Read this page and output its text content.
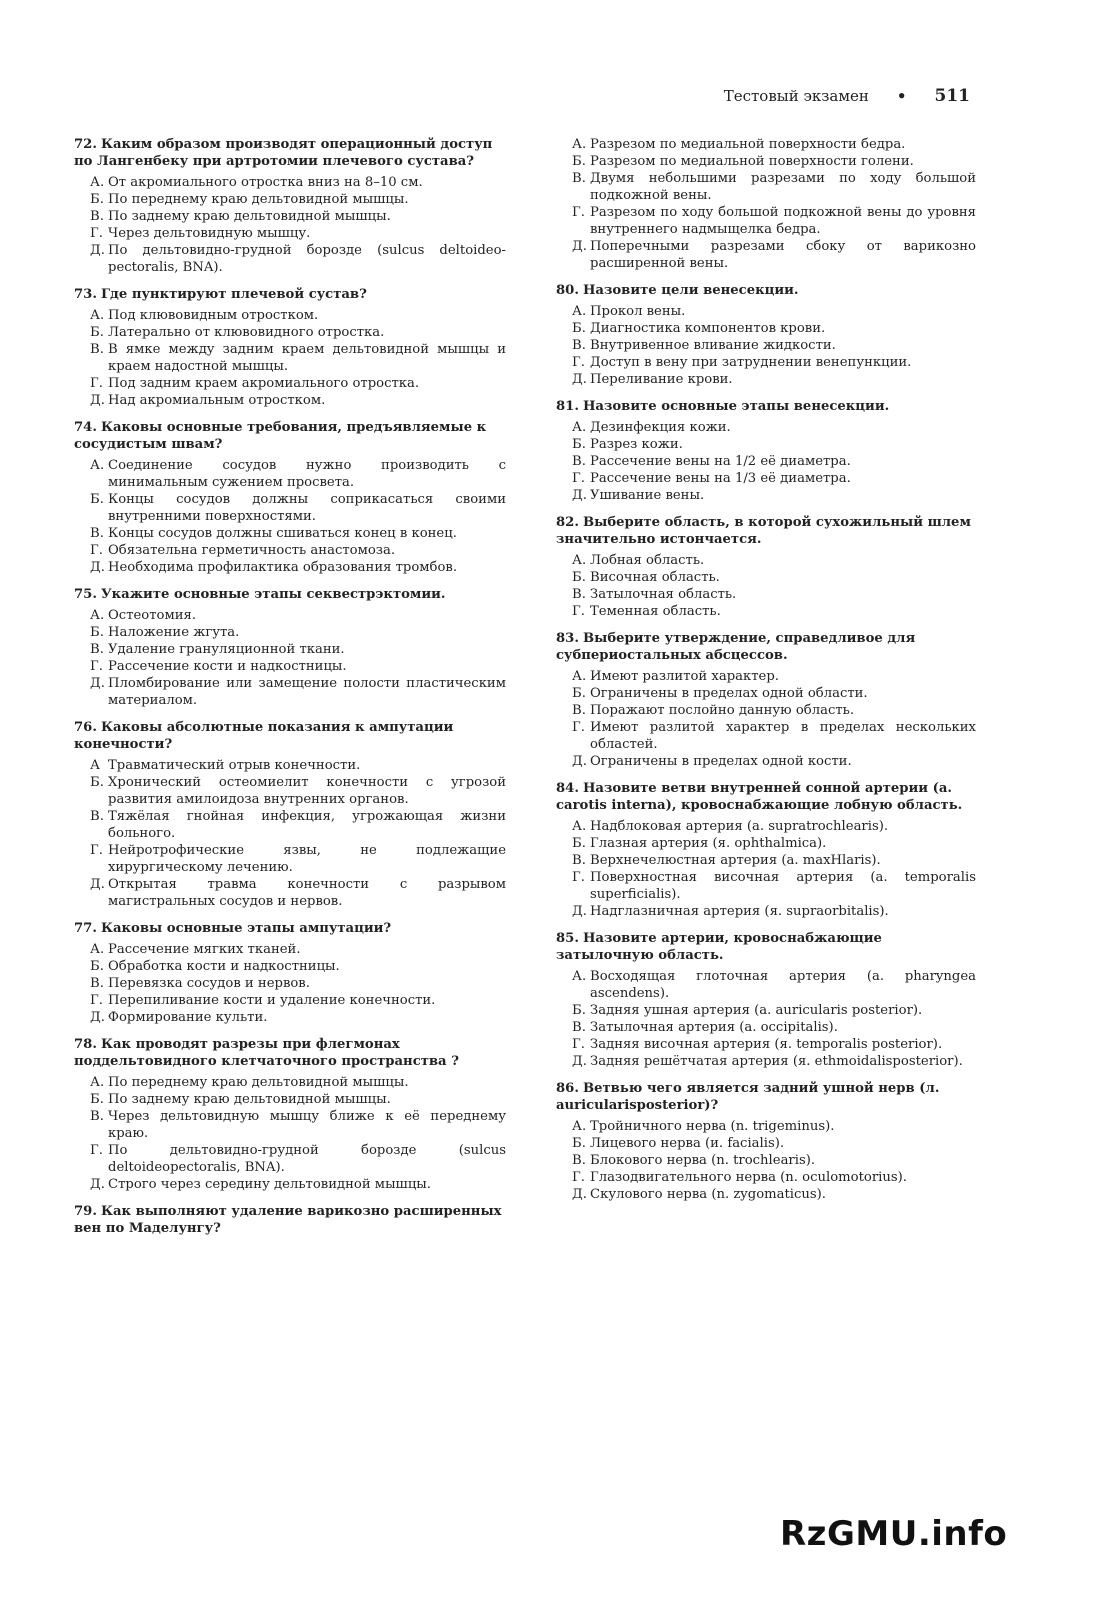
Тестовый экзамен • 511
72. Каким образом производят операционный доступ по Лангенбеку при артротомии плечевого сустава?
А. От акромиального отростка вниз на 8–10 см.
Б. По переднему краю дельтовидной мышцы.
В. По заднему краю дельтовидной мышцы.
Г. Через дельтовидную мышцу.
Д. По дельтовидно-грудной борозде (sulcus deltoideo-pectoralis, BNA).
73. Где пунктируют плечевой сустав?
А. Под клювовидным отростком.
Б. Латерально от клювовидного отростка.
В. В ямке между задним краем дельтовидной мышцы и краем надостной мышцы.
Г. Под задним краем акромиального отростка.
Д. Над акромиальным отростком.
74. Каковы основные требования, предъявляемые к сосудистым швам?
А. Соединение сосудов нужно производить с минимальным сужением просвета.
Б. Концы сосудов должны соприкасаться своими внутренними поверхностями.
В. Концы сосудов должны сшиваться конец в конец.
Г. Обязательна герметичность анастомоза.
Д. Необходима профилактика образования тромбов.
75. Укажите основные этапы секвестрэктомии.
А. Остеотомия.
Б. Наложение жгута.
В. Удаление грануляционной ткани.
Г. Рассечение кости и надкостницы.
Д. Пломбирование или замещение полости пластическим материалом.
76. Каковы абсолютные показания к ампутации конечности?
А Травматический отрыв конечности.
Б. Хронический остеомиелит конечности с угрозой развития амилоидоза внутренних органов.
В. Тяжёлая гнойная инфекция, угрожающая жизни больного.
Г. Нейротрофические язвы, не подлежащие хирургическому лечению.
Д. Открытая травма конечности с разрывом магистральных сосудов и нервов.
77. Каковы основные этапы ампутации?
А. Рассечение мягких тканей.
Б. Обработка кости и надкостницы.
В. Перевязка сосудов и нервов.
Г. Перепиливание кости и удаление конечности.
Д. Формирование культи.
78. Как проводят разрезы при флегмонах поддельтовидного клетчаточного пространства ?
А. По переднему краю дельтовидной мышцы.
Б. По заднему краю дельтовидной мышцы.
В. Через дельтовидную мышцу ближе к её переднему краю.
Г. По дельтовидно-грудной борозде (sulcus deltoideopectoralis, BNA).
Д. Строго через середину дельтовидной мышцы.
79. Как выполняют удаление варикозно расширенных вен по Маделунгу?
А. Разрезом по медиальной поверхности бедра.
Б. Разрезом по медиальной поверхности голени.
В. Двумя небольшими разрезами по ходу большой подкожной вены.
Г. Разрезом по ходу большой подкожной вены до уровня внутреннего надмыщелка бедра.
Д. Поперечными разрезами сбоку от варикозно расширенной вены.
80. Назовите цели венесекции.
А. Прокол вены.
Б. Диагностика компонентов крови.
В. Внутривенное вливание жидкости.
Г. Доступ в вену при затруднении венепункции.
Д. Переливание крови.
81. Назовите основные этапы венесекции.
А. Дезинфекция кожи.
Б. Разрез кожи.
В. Рассечение вены на 1/2 её диаметра.
Г. Рассечение вены на 1/3 её диаметра.
Д. Ушивание вены.
82. Выберите область, в которой сухожильный шлем значительно истончается.
А. Лобная область.
Б. Височная область.
В. Затылочная область.
Г. Теменная область.
83. Выберите утверждение, справедливое для субпериостальных абсцессов.
А. Имеют разлитой характер.
Б. Ограничены в пределах одной области.
В. Поражают послойно данную область.
Г. Имеют разлитой характер в пределах нескольких областей.
Д. Ограничены в пределах одной кости.
84. Назовите ветви внутренней сонной артерии (a. carotis interna), кровоснабжающие лобную область.
А. Надблоковая артерия (a. supratrochlearis).
Б. Глазная артерия (я. ophthalmica).
В. Верхнечелюстная артерия (a. maxHlaris).
Г. Поверхностная височная артерия (a. temporalis superficialis).
Д. Надглазничная артерия (я. supraorbitalis).
85. Назовите артерии, кровоснабжающие затылочную область.
А. Восходящая глоточная артерия (a. pharyngea ascendens).
Б. Задняя ушная артерия (a. auricularis posterior).
В. Затылочная артерия (a. occipitalis).
Г. Задняя височная артерия (я. temporalis posterior).
Д. Задняя решётчатая артерия (я. ethmoidalisposterior).
86. Ветвью чего является задний ушной нерв (л. auricularisposterior)?
А. Тройничного нерва (n. trigeminus).
Б. Лицевого нерва (и. facialis).
В. Блокового нерва (n. trochlearis).
Г. Глазодвигательного нерва (n. oculomotorius).
Д. Скулового нерва (n. zygomaticus).
RzGMU.info
